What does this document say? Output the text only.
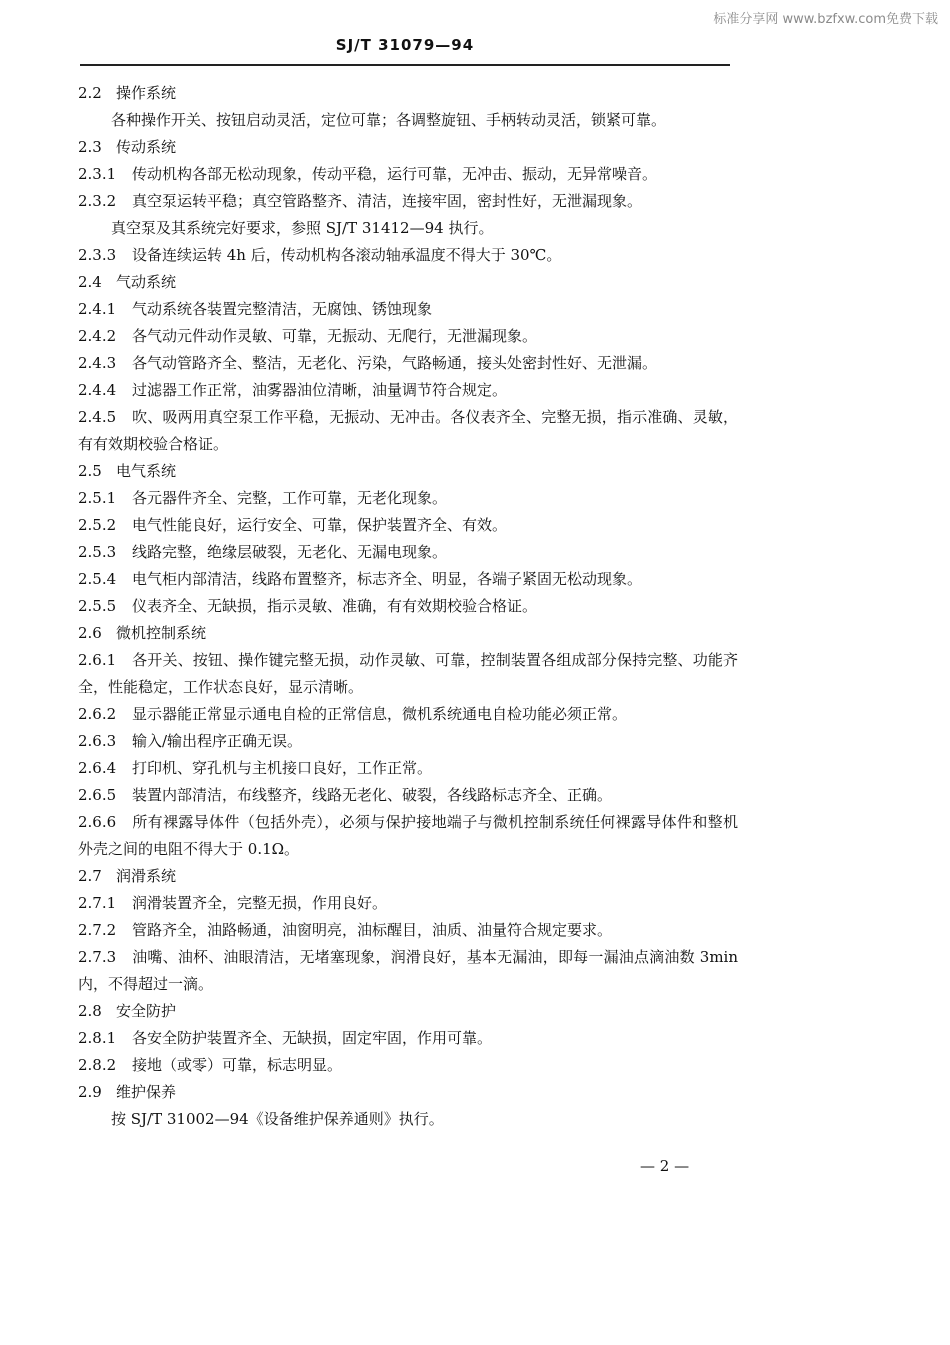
标准分享网 www.bzfxw.com免费下载
SJ/T 31079—94
2.2 操作系统
各种操作开关、按钮启动灵活，定位可靠；各调整旋钮、手柄转动灵活，锁紧可靠。
2.3 传动系统
2.3.1 传动机构各部无松动现象，传动平稳，运行可靠，无冲击、振动，无异常噪音。
2.3.2 真空泵运转平稳；真空管路整齐、清洁，连接牢固，密封性好，无泄漏现象。
真空泵及其系统完好要求，参照 SJ/T 31412—94 执行。
2.3.3 设备连续运转 4h 后，传动机构各滚动轴承温度不得大于 30℃。
2.4 气动系统
2.4.1 气动系统各装置完整清洁，无腐蚀、锈蚀现象
2.4.2 各气动元件动作灵敏、可靠，无振动、无爬行，无泄漏现象。
2.4.3 各气动管路齐全、整洁，无老化、污染，气路畅通，接头处密封性好、无泄漏。
2.4.4 过滤器工作正常，油雾器油位清晰，油量调节符合规定。
2.4.5 吹、吸两用真空泵工作平稳，无振动、无冲击。各仪表齐全、完整无损，指示准确、灵敏，有有效期校验合格证。
2.5 电气系统
2.5.1 各元器件齐全、完整，工作可靠，无老化现象。
2.5.2 电气性能良好，运行安全、可靠，保护装置齐全、有效。
2.5.3 线路完整，绝缘层破裂，无老化、无漏电现象。
2.5.4 电气柜内部清洁，线路布置整齐，标志齐全、明显，各端子紧固无松动现象。
2.5.5 仪表齐全、无缺损，指示灵敏、准确，有有效期校验合格证。
2.6 微机控制系统
2.6.1 各开关、按钮、操作键完整无损，动作灵敏、可靠，控制装置各组成部分保持完整、功能齐全，性能稳定，工作状态良好，显示清晰。
2.6.2 显示器能正常显示通电自检的正常信息，微机系统通电自检功能必须正常。
2.6.3 输入/输出程序正确无误。
2.6.4 打印机、穿孔机与主机接口良好，工作正常。
2.6.5 装置内部清洁，布线整齐，线路无老化、破裂，各线路标志齐全、正确。
2.6.6 所有裸露导体件（包括外壳），必须与保护接地端子与微机控制系统任何裸露导体件和整机外壳之间的电阻不得大于 0.1Ω。
2.7 润滑系统
2.7.1 润滑装置齐全，完整无损，作用良好。
2.7.2 管路齐全，油路畅通，油窗明亮，油标醒目，油质、油量符合规定要求。
2.7.3 油嘴、油杯、油眼清洁，无堵塞现象，润滑良好，基本无漏油，即每一漏油点滴油数 3min内，不得超过一滴。
2.8 安全防护
2.8.1 各安全防护装置齐全、无缺损，固定牢固，作用可靠。
2.8.2 接地（或零）可靠，标志明显。
2.9 维护保养
按 SJ/T 31002—94《设备维护保养通则》执行。
— 2 —
